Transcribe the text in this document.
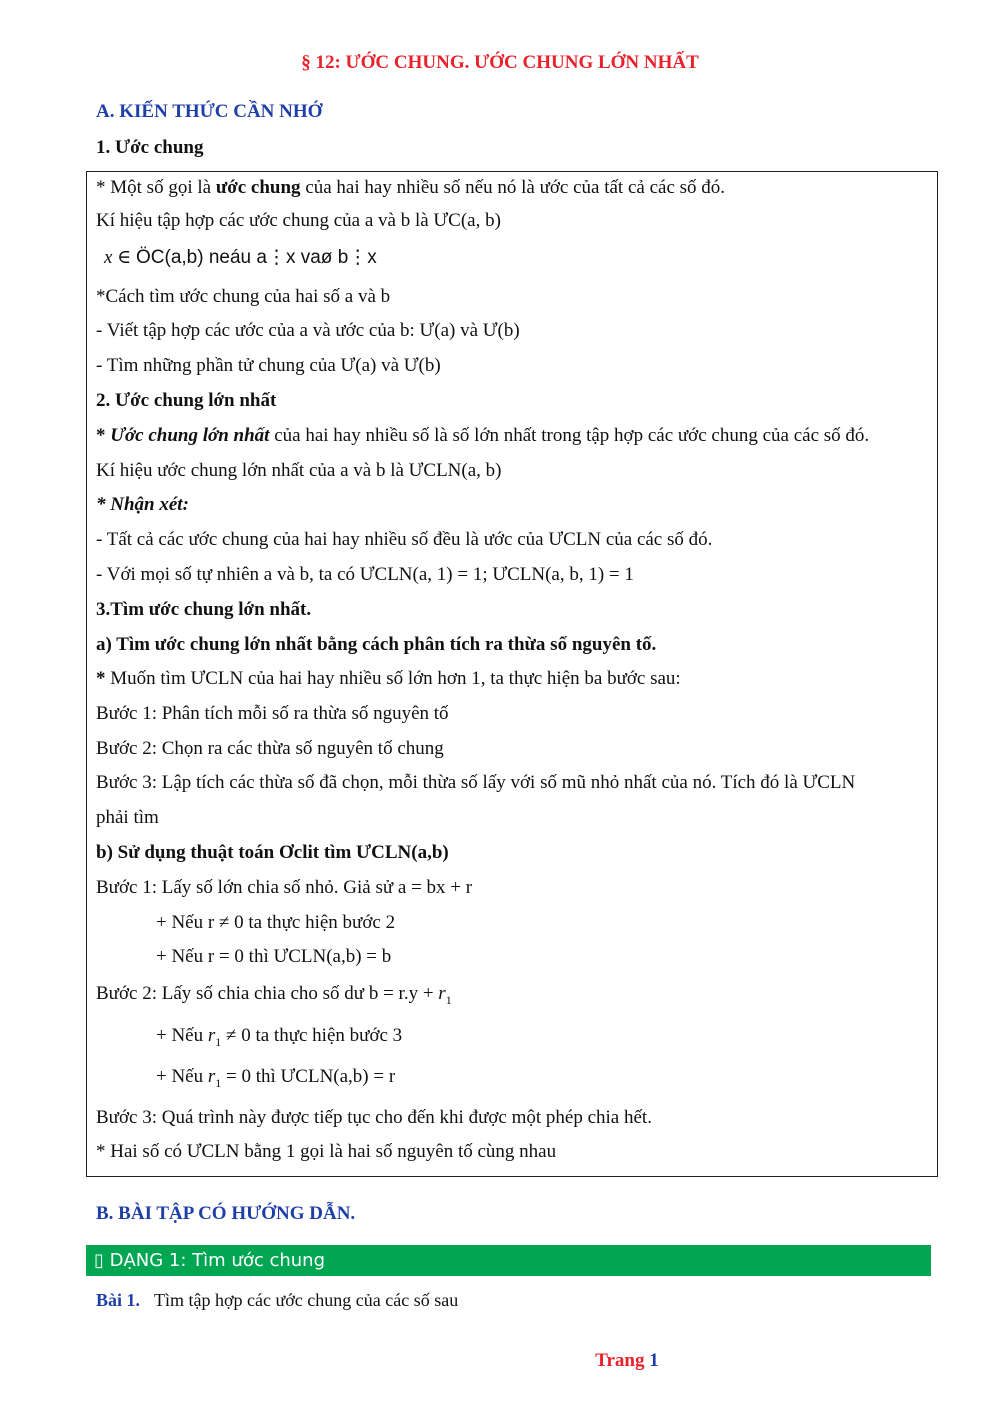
§ 12: ƯỚC CHUNG. ƯỚC CHUNG LỚN NHẤT
A. KIẾN THỨC CẦN NHỚ
1. Ước chung
* Một số gọi là ước chung của hai hay nhiều số nếu nó là ước của tất cả các số đó.
Kí hiệu tập hợp các ước chung của a và b là ƯC(a, b)
x ∈ ÖC(a,b) neáu a⋮x vaø b⋮x
*Cách tìm ước chung của hai số a và b
- Viết tập hợp các ước của a và ước của b: Ư(a) và Ư(b)
- Tìm những phần tử chung của Ư(a) và Ư(b)
2. Ước chung lớn nhất
* Ước chung lớn nhất của hai hay nhiều số là số lớn nhất trong tập hợp các ước chung của các số đó.
Kí hiệu ước chung lớn nhất của a và b là ƯCLN(a, b)
* Nhận xét:
- Tất cả các ước chung của hai hay nhiều số đều là ước của ƯCLN của các số đó.
- Với mọi số tự nhiên a và b, ta có ƯCLN(a, 1) = 1; ƯCLN(a, b, 1) = 1
3.Tìm ước chung lớn nhất.
a) Tìm ước chung lớn nhất bằng cách phân tích ra thừa số nguyên tố.
* Muốn tìm ƯCLN của hai hay nhiều số lớn hơn 1, ta thực hiện ba bước sau:
Bước 1: Phân tích mỗi số ra thừa số nguyên tố
Bước 2: Chọn ra các thừa số nguyên tố chung
Bước 3: Lập tích các thừa số đã chọn, mỗi thừa số lấy với số mũ nhỏ nhất của nó. Tích đó là ƯCLN
phải tìm
b) Sử dụng thuật toán Ơclit tìm ƯCLN(a,b)
Bước 1: Lấy số lớn chia số nhỏ. Giả sử a = bx + r
+ Nếu r ≠ 0 ta thực hiện bước 2
+ Nếu r = 0 thì ƯCLN(a,b) = b
Bước 2: Lấy số chia chia cho số dư $b = r.y + r_1$
+ Nếu $r_1 \ne 0$ ta thực hiện bước 3
+ Nếu $r_1 = 0$ thì ƯCLN(a,b) = r
Bước 3: Quá trình này được tiếp tục cho đến khi được một phép chia hết.
* Hai số có ƯCLN bằng 1 gọi là hai số nguyên tố cùng nhau
B. BÀI TẬP CÓ HƯỚNG DẪN.
▯ DẠNG 1: Tìm ước chung
Bài 1. Tìm tập hợp các ước chung của các số sau
Trang 1
